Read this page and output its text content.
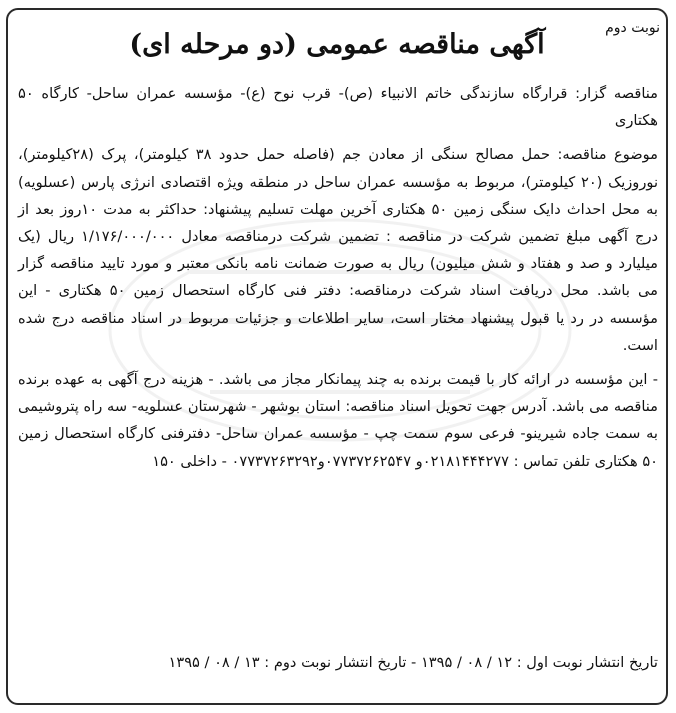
نوبت دوم
آگهی مناقصه عمومی (دو مرحله ای)

مناقصه گزار: قرارگاه سازندگی خاتم الانبیاء (ص)- قرب نوح (ع)- مؤسسه عمران ساحل- کارگاه ۵۰ هکتاری

موضوع مناقصه: حمل مصالح سنگی از معادن جم (فاصله حمل حدود ۳۸ کیلومتر)، پرک (۲۸کیلومتر)، نوروزیک (۲۰ کیلومتر)، مربوط به مؤسسه عمران ساحل در منطقه ویژه اقتصادی انرژی پارس (عسلویه) به محل احداث دایک سنگی زمین ۵۰ هکتاری آخرین مهلت تسلیم پیشنهاد: حداکثر به مدت ۱۰روز بعد از درج آگهی مبلغ تضمین شرکت در مناقصه : تضمین شرکت درمناقصه معادل ۱/۱۷۶/۰۰۰/۰۰۰ ریال (یک میلیارد و صد و هفتاد و شش میلیون) ریال به صورت ضمانت نامه بانکی معتبر و مورد تایید مناقصه گزار می باشد. محل دریافت اسناد شرکت درمناقصه: دفتر فنی کارگاه استحصال زمین ۵۰ هکتاری - این مؤسسه در رد یا قبول پیشنهاد مختار است، سایر اطلاعات و جزئیات مربوط در اسناد مناقصه درج شده است.

- این مؤسسه در ارائه کار با قیمت برنده به چند پیمانکار مجاز می باشد. - هزینه درج آگهی به عهده برنده مناقصه می باشد. آدرس جهت تحویل اسناد مناقصه: استان بوشهر - شهرستان عسلویه- سه راه پتروشیمی به سمت جاده شیرینو- فرعی سوم سمت چپ - مؤسسه عمران ساحل- دفترفنی کارگاه استحصال زمین ۵۰ هکتاری تلفن تماس : ۰۲۱۸۱۴۴۴۲۷۷و ۰۷۷۳۷۲۶۲۵۴۷و۰۷۷۳۷۲۶۳۲۹۲ - داخلی ۱۵۰

تاریخ انتشار نوبت اول : ۱۲ / ۰۸ / ۱۳۹۵ - تاریخ انتشار نوبت دوم : ۱۳ / ۰۸ / ۱۳۹۵
